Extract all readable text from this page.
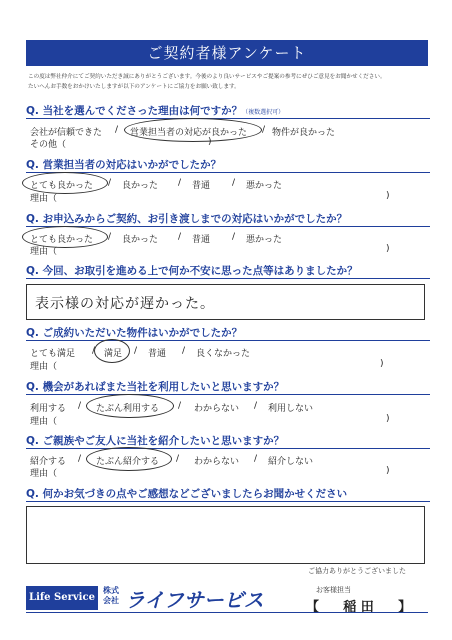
ご契約者様アンケート
この度は弊社仲介にてご契約いただき誠にありがとうございます。今後のより良いサービスやご提案の参考にぜひご意見をお聞かせください。
たいへんお手数をおかけいたしますが以下のアンケートにご協力をお願い致します。
Q. 当社を選んでくださった理由は何ですか？（複数選択可）
会社が信頼できた / 営業担当者の対応が良かった / 物件が良かった
その他（	)
Q. 営業担当者の対応はいかがでしたか？
とても良かった / 良かった / 普通 / 悪かった
理由（	)
Q. お申込みからご契約、お引き渡しまでの対応はいかがでしたか？
とても良かった / 良かった / 普通 / 悪かった
理由（	)
Q. 今回、お取引を進める上で何か不安に思った点等はありましたか？
表示様の対応が遅かった。
Q. ご成約いただいた物件はいかがでしたか？
とても満足 / 満足 / 普通 / 良くなかった
理由（	)
Q. 機会があればまた当社を利用したいと思いますか？
利用する / たぶん利用する / わからない / 利用しない
理由（	)
Q. ご親族やご友人に当社を紹介したいと思いますか？
紹介する / たぶん紹介する / わからない / 紹介しない
理由（	)
Q. 何かお気づきの点やご感想などございましたらお聞かせください
ご協力ありがとうございました
Life Service
株式会社 ライフサービス	お客様担当
【 稲 田 】
